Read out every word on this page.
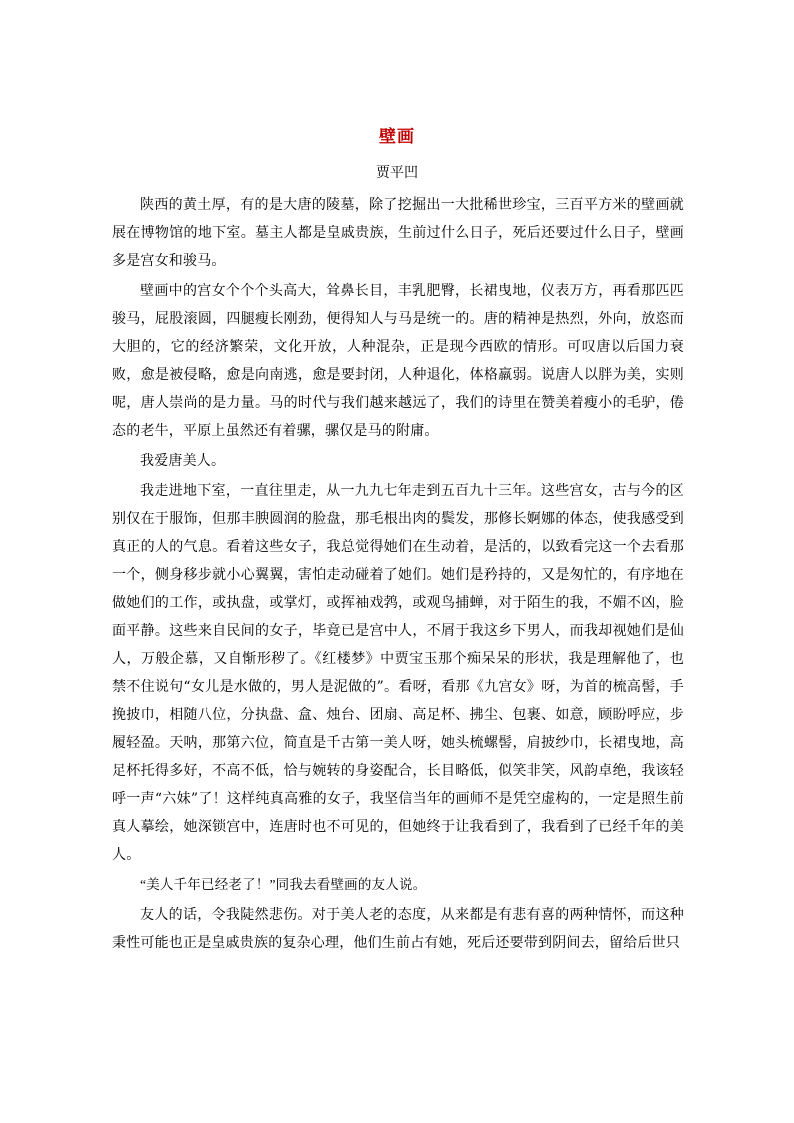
壁画
贾平凹

陕西的黄土厚，有的是大唐的陵墓，除了挖掘出一大批稀世珍宝，三百平方米的壁画就展在博物馆的地下室。墓主人都是皇戚贵族，生前过什么日子，死后还要过什么日子，壁画多是宫女和骏马。

壁画中的宫女个个个头高大，耸鼻长目，丰乳肥臀，长裙曳地，仪表万方，再看那匹匹骏马，屁股滚圆，四腿瘦长刚劲，便得知人与马是统一的。唐的精神是热烈，外向，放恣而大胆的，它的经济繁荣，文化开放，人种混杂，正是现今西欧的情形。可叹唐以后国力衰败，愈是被侵略，愈是向南逃，愈是要封闭，人种退化，体格羸弱。说唐人以胖为美，实则呢，唐人崇尚的是力量。马的时代与我们越来越远了，我们的诗里在赞美着瘦小的毛驴，倦态的老牛，平原上虽然还有着骡，骡仅是马的附庸。

我爱唐美人。

我走进地下室，一直往里走，从一九九七年走到五百九十三年。这些宫女，古与今的区别仅在于服饰，但那丰腴圆润的脸盘，那毛根出肉的鬓发，那修长婀娜的体态，使我感受到真正的人的气息。看着这些女子，我总觉得她们在生动着，是活的，以致看完这一个去看那一个，侧身移步就小心翼翼，害怕走动碰着了她们。她们是矜持的，又是匆忙的，有序地在做她们的工作，或执盘，或掌灯，或挥袖戏鹁，或观鸟捕蝉，对于陌生的我，不媚不凶，脸面平静。这些来自民间的女子，毕竟已是宫中人，不屑于我这乡下男人，而我却视她们是仙人，万般企慕，又自惭形秽了。《红楼梦》中贾宝玉那个痴呆呆的形状，我是理解他了，也禁不住说句“女儿是水做的，男人是泥做的”。看呀，看那《九宫女》呀，为首的梳高髻，手挽披巾，相随八位，分执盘、盒、烛台、团扇、高足杯、拂尘、包裹、如意，顾盼呼应，步履轻盈。天呐，那第六位，简直是千古第一美人呀，她头梳螺髻，肩披纱巾，长裙曳地，高足杯托得多好，不高不低，恰与婉转的身姿配合，长目略低，似笑非笑，风韵卓绝，我该轻呼一声“六妹”了！这样纯真高雅的女子，我坚信当年的画师不是凭空虚构的，一定是照生前真人摹绘，她深锁宫中，连唐时也不可见的，但她终于让我看到了，我看到了已经千年的美人。

“美人千年已经老了！”同我去看壁画的友人说。

友人的话，令我陡然悲伤。对于美人老的态度，从来都是有悲有喜的两种情怀，而这种秉性可能也正是皇戚贵族的复杂心理，他们生前占有她，死后还要带到阴间去，留给后世只
